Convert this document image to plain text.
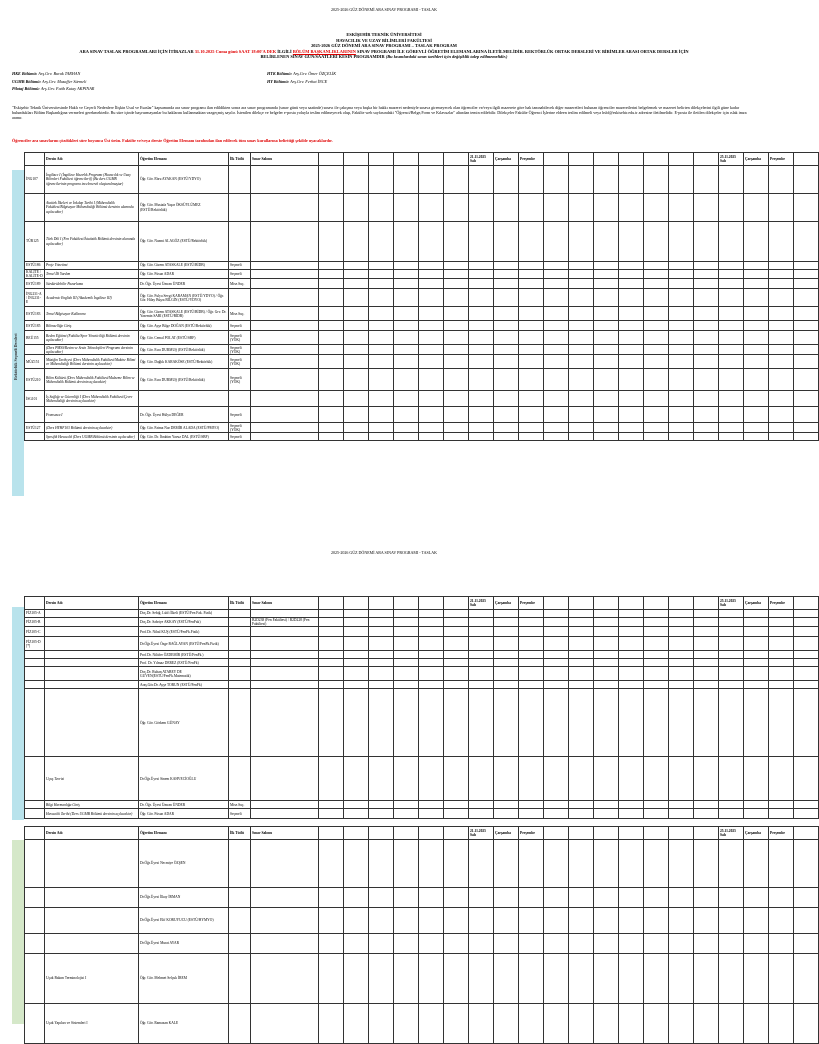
2025-2026 GÜZ DÖNEMİ ARA SINAV PROGRAMI - TASLAK
ESKİŞEHİR TEKNİK ÜNİVERSİTESİ
HAVACILIK VE UZAY BİLİMLERİ FAKÜLTESİ
2025-2026 GÜZ DÖNEMİ ARA SINAV PROGRAMI – TASLAK PROGRAM
ARA SINAV TASLAK PROGRAMLARI İÇİN İTİRAZLAR 31.10.2025 Cuma günü SAAT 18:00'A DEK İLGİLİ BÖLÜM BAŞKANLIKLARININ SINAV PROGRAMI İLE GÖREVLİ ÖĞRETİM ELEMANLARINA İLETİLMELİDİR. REKTÖRLÜK ORTAK DERSLERİ VE BİRİMLER ARASI ORTAK DERSLER İÇİN
BELİRLENEN SINAV GÜN/SAATLERİ KESİN PROGRAMDIR (Bu kısımlardaki sınav tarihleri için değişiklik talep edilmemelidir.)
HKE Bölümü: Arş.Grv. Burak TARHAN	HTK Bölümü: Arş.Grv. Ömer ÖZÇELİK
UGMB Bölümü: Arş.Grv. Muzaffer Sürmeli	HY Bölümü: Arş.Grv. Ferhat İNCE
Pilotaj Bölümü: Arş.Grv. Fatih Kutay AKPINAR
"Eskişehir Teknik Üniversitesinde Haklı ve Geçerli Nedenlere İlişkin Usul ve Esaslar" kapsamında ara sınav programı ilan edildikten sonra ara sınav programında (sınav günü veya saatinde) sınavı ile çakışma veya başka bir hakkı mazeret nedeniyle sınava giremeyecek olan öğrenciler ve/veya ilgili mazerete göre hak tanınabilecek diğer mazeretleri bulunan öğrenciler mazeretlerini belgelemek ve mazeret belirten dilekçelerini ilgili güne kadar bulundukları Bölüm Başkanlığına vermeleri gerekmektedir. Bu süre içinde başvurmayanlar bu haklarını kullanmaktan vazgeçmiş sayılır. İstenilen dilekçe ve belgeler e-posta yoluyla teslim edilmeyecek olup, Fakülte web sayfasındaki "Öğrenci/Belge,Form ve Kılavuzlar" altından temin edilebilir. Dilekçeler Fakülte Öğrenci İşlerine eldeen teslim edilmeli veya hsbf@eskisehir.edu.tr adresine iletilmelidir. E-posta ile iletilen dilekçeler için ıslak imza aranır.
Öğrenciler ara sınavlarını çözdükleri süre boyunca Üst ürün. Fakülte ve/veya derste Öğretim Elemanı tarafından ilan edilecek tüm sınav kurallarına belirttiği şekilde uyacaklardır.
Rektörlük Seçmeli Dersleri
	Dersin Adı	Öğretim Elemanı	İlk Tütlü	Sınav Salonu							21.11.2025 Salı	Çarşamba	Perşembe								25.11.2025 Salı	Çarşamba	Perşembe	
İNG107	İngilizce I (İngilizce Hazırlık Programı (Havacılık ve Uzay Bilimleri Fakültesi öğrencileri)) (Bu ders UGMB öğrencilerinin programı incelenerek oluşturulmuştur)	Öğr. Gör. Ebru AYAKAN (ESTÜ/YDYO)																						
	Atatürk İlkeleri ve İnkılap Tarihi I (Mühendislik Fakültesi/Bilgisayar Mühendisliği Bölümü dersinin alanında açılacaktır)	Öğr. Gör. Mustafa Yaşar ÖKSÜYLÜMEZ (ESTÜ/Rektörlük)																						
TÜR125	Türk Dili I (Fen Fakültesi/İstatistik Bölümü dersinin alanında açılacaktır)	Öğr. Gör. Nazmi ALAGÖZ (ESTÜ/Rektörlük)																						
ESTÜ186	Proje Yönetimi	Öğr. Gör. Gizem ATASKALE (ESTÜ/BİDB)	Seçmeli																					
KALİTE / KALİTE-D	Temel İlk Yardım	Öğr. Gör. Füsun ADAR	Seçmeli																					
ESTÜ189	Sürdürülebilir Pazarlama	Dr. Öğr. Üyesi Ümran ÜNDER	Mise.Suç.																					
İNG231-A / İNG231-E	Academic English III (Akademik İngilizce III)	Öğr. Gör. Fulya Sevgi KARAMAN (ESTÜ/YDYO) / Öğr. Gör. Hilay Büşra BİLGİN (ESTÜ/YDYO)																						
ESTÜ183	Temel Bilgisayar Kullanımı	Öğr. Gör. Gizem ATASKALE (ESTÜ/BİDB) / Öğr. Grv. Dr. Yasemin SARI (ESTÜ/BİDB)	Mise.Suç.																					
ESTÜ185	Bilimselliğe Giriş	Öğr. Gör. Ayşe Bilge DOĞAN (ESTÜ/Rektörlük)	Seçmeli																					
BEÜ155	Beden Eğitimi (Fakülte/Spor Yöneticiliği Bölümü dersinin açılacaktır)	Öğr. Gör. Cemal POLAT (ESTÜ/SBF)	Seçmeli (YÖK)																					
	(Ders PMSS/Resim ve Sesin Teknolojileri Programı dersinin açılacaktır)	Öğr. Gör. Esra DURMUŞ (ESTÜ/Rektörlük)	Seçmeli (YÖK)																					
MÜZ151	Müziğin Tarihçesi (Ders Mühendislik Fakültesi/Makine Bilimi ve Mühendisliği Bölümü dersinin açılacaktır)	Öğr. Gör. Dağlık KARAKÖSE (ESTÜ/Rektörlük)	Seçmeli (YÖK)																					
ESTÜ210	Bilim Kültürü (Ders Mühendislik Fakültesi/Malzeme Bilim ve Mühendislik Bölümü dersinin açılacaktır)	Öğr. Gör. Esra DURMUŞ (ESTÜ/Rektörlük)	Seçmeli (YÖK)																					
İSG101	İş Sağlığı ve Güvenliği I (Ders Mühendislik Fakültesi/Çevre Mühendisliği dersinin açılacaktır)																							
	Fransızca I	Dr. Öğr. Üyesi Hülya DEĞER	Seçmeli																					
ESTÜ127	(Ders HYHF103 Bölümü dersinin açılacaktır)	Öğr. Gör. Fatma Nur DEMİR ALADA (ESTÜ/PMYO)	Seçmeli (YÖK)																					
	Spesifik Havacılık (Ders UGMB Bölümü dersinin açılacaktır)	Öğr. Gör. Dr. İbrahim Yavuz DAL (ESTÜ/SBF)	Seçmeli																					
2025-2026 GÜZ DÖNEMİ ARA SINAV PROGRAMI - TASLAK
	Dersin Adı	Öğretim Elemanı	İlk Tütlü	Sınav Salonu							21.11.2025 Salı	Çarşamba	Perşembe								25.11.2025 Salı	Çarşamba	Perşembe	
FİZ105-A		Doç.Dr. Sebiğ. Lütfi İlkeli (ESTÜ/Fen Fak. Fizik)																						
FİZ105-B		Doç.Dr. Sabriye AKKAY (ESTÜ/FenFak)		B2D238 (Fen Fakültesi) / B2D228 (Fen Fakültesi)																				
FİZ105-C		Prof.Dr. Nihal KUŞ (ESTÜ/FenFk.Fizik)																						
FİZ105-D [*]		Dr.Öğr.Üyesi Özge BAĞLAYAN (ESTÜ/FenFk.Fizik)																						
		Prof.Dr. Nilüfer ÖZDEMİR (ESTÜ/FenFk.)																						
		Prof. Dr. Yılmaz DEREZ (ESTÜ/FenFk)																						
		Doç.Dr. Ruhan ATABEY DE GUVEN(ESTÜ/FenFk.Matematik)																						
		Araş.Gör.Dr. Ayşe TORUN (ESTÜ/FenFk)																						
		Öğr. Gör. Görkem GÜNAY																						
	Uçuş Teorisi	Dr.Öğr.Üyesi Sinem KAHVECİOĞLU																						
	Bilgi Harmanlığa Giriş	Dr. Öğr. Üyesi Ümran ÜNDER	Mise.Suç.																					
	Havacılık Tarihi (Ders UGMB Bölümü dersinin açılacaktır)	Öğr. Gör. Füsun ADAR	Seçmeli																					
	Dersin Adı	Öğretim Elemanı	İlk Tütlü	Sınav Salonu							21.11.2025 Salı	Çarşamba	Perşembe								25.11.2025 Salı	Çarşamba	Perşembe	
		Dr.Öğr.Üyesi Necmiye ÖZŞEN																						
		Dr.Öğr.Üyesi İlkay İRMAN																						
		Dr.Öğr.Üyesi Elif KORUYUCU (ESTÜ/HYMYO)																						
		Dr.Öğr.Üyesi Murat AYAR																						
	Uçak Bakım Terminolojisi I	Öğr. Gör. Mehmet Selçuk İREM																						
	Uçak Yapıları ve Sistemleri I	Öğr. Gör. Ramazan KALE																						
